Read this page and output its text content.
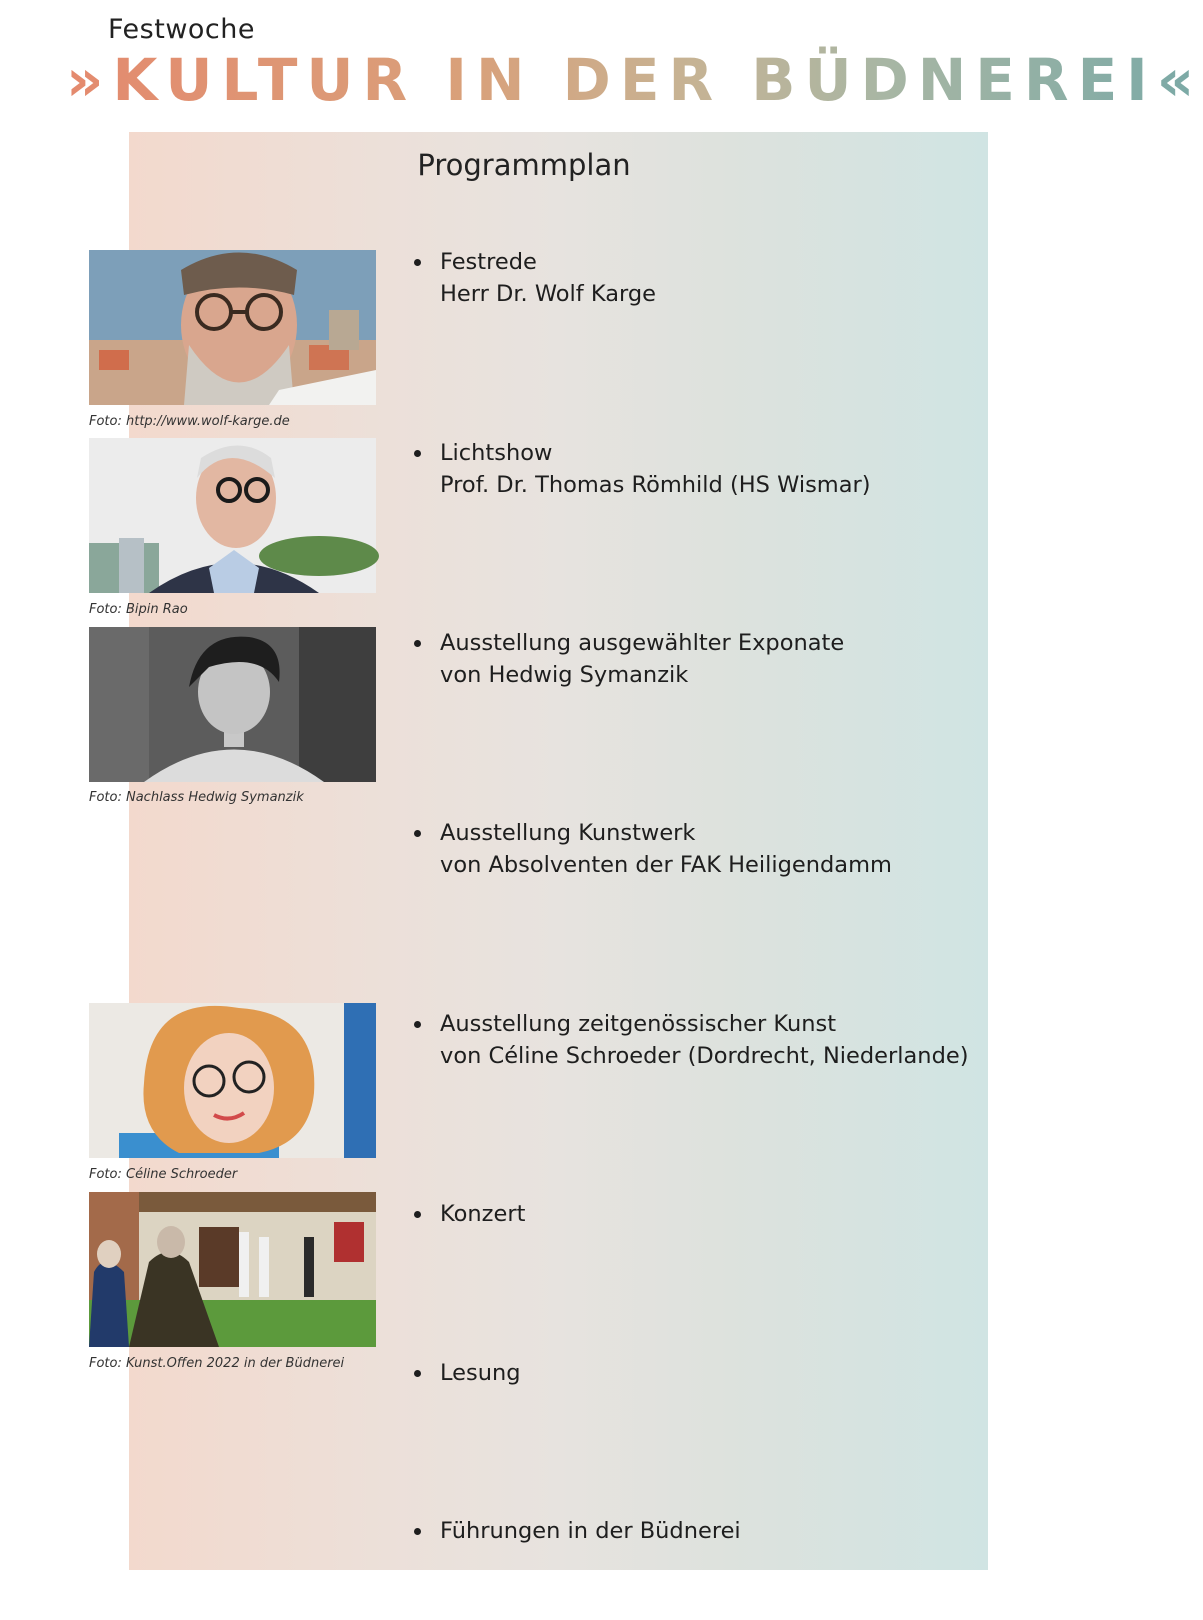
Festwoche
»KULTUR IN DER BÜDNEREI«
Programmplan
Foto: http://www.wolf-karge.de
Foto: Bipin Rao
Foto: Nachlass Hedwig Symanzik
Foto: Céline Schroeder
Foto: Kunst.Offen 2022 in der Büdnerei
Festrede
Herr Dr. Wolf Karge
Lichtshow
Prof. Dr. Thomas Römhild (HS Wismar)
Ausstellung ausgewählter Exponate
von Hedwig Symanzik
Ausstellung Kunstwerk
von Absolventen der FAK Heiligendamm
Ausstellung zeitgenössischer Kunst
von Céline Schroeder (Dordrecht, Niederlande)
Konzert
Lesung
Führungen in der Büdnerei
